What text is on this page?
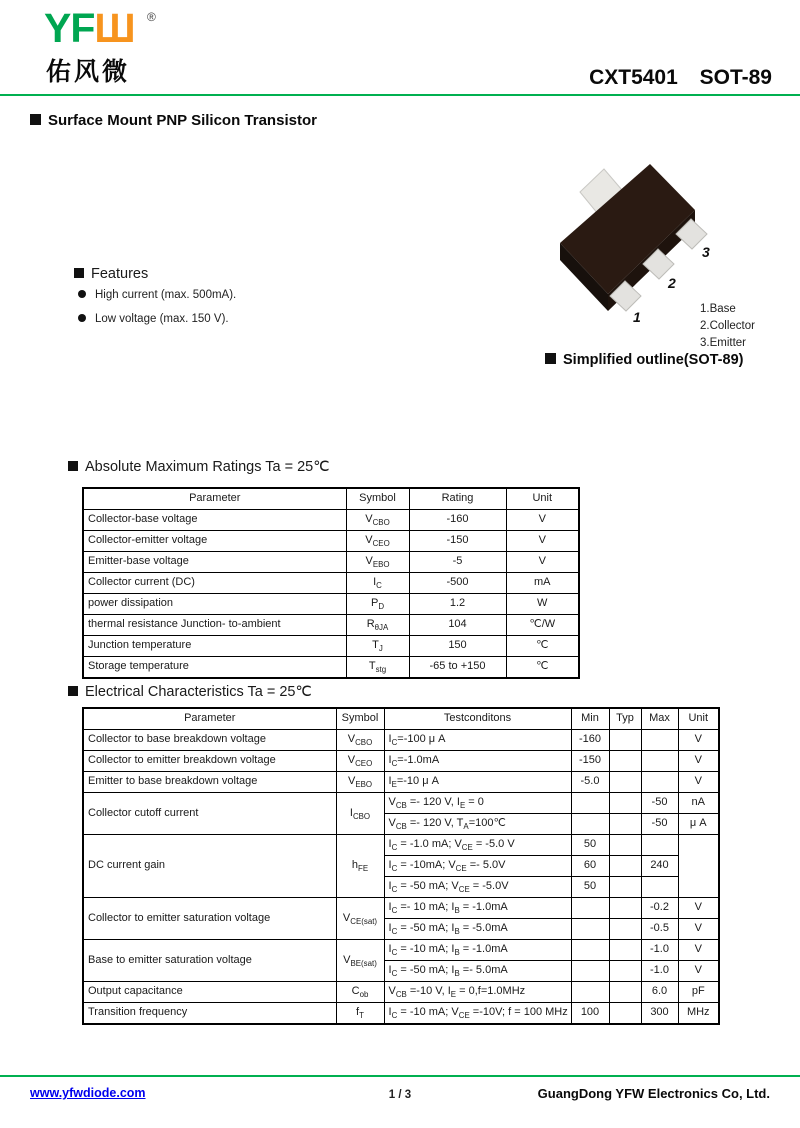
YFШ ®
佑风微	CXT5401 SOT-89
Surface Mount PNP Silicon Transistor
Features
High current (max. 500mA).
Low voltage (max. 150 V).	1
2
3
1.Base
2.Collector
3.Emitter
Simplified outline(SOT-89)
Absolute Maximum Ratings Ta = 25℃
Parameter	Symbol	Rating	Unit
Collector-base voltage	$V_{CBO}$	-160	V
Collector-emitter voltage	$V_{CEO}$	-150	V
Emitter-base voltage	$V_{EBO}$	-5	V
Collector current (DC)	$I_C$	-500	mA
power dissipation	$P_D$	1.2	W
thermal resistance Junction- to-ambient	$R_{\theta JA}$	104	℃/W
Junction temperature	$T_J$	150	℃
Storage temperature	$T_{stg}$	-65 to +150	℃
Electrical Characteristics Ta = 25℃
Parameter	Symbol	Testconditons	Min	Typ	Max	Unit
Collector to base breakdown voltage	$V_{CBO}$	$I_C=-100$ μ A	-160			V
Collector to emitter breakdown voltage	$V_{CEO}$	$I_C=-1.0mA$	-150			V
Emitter to base breakdown voltage	$V_{EBO}$	$I_E=-10$ μ A	-5.0			V
Collector cutoff current	$I_{CBO}$	$V_{CB} =- 120$ V, $I_E = 0$			-50	nA
		$V_{CB} =- 120$ V, $T_A=100℃$			-50	μ A
DC current gain	$h_{FE}$	$I_C = -1.0$ mA; $V_{CE} = -5.0$ V	50			
		$I_C = -10mA$; $V_{CE} =- 5.0V$	60		240	
		$I_C = -50$ mA; $V_{CE} = -5.0V$	50			
Collector to emitter saturation voltage	$V_{CE(sat)}$	$I_C =- 10$ mA; $I_B = -1.0mA$			-0.2	V
		$I_C = -50$ mA; $I_B = -5.0mA$			-0.5	V
Base to emitter saturation voltage	$V_{BE(sat)}$	$I_C = -10$ mA; $I_B = -1.0mA$			-1.0	V
		$I_C = -50$ mA; $I_B =- 5.0mA$			-1.0	V
Output capacitance	$C_{ob}$	$V_{CB} =-10$ V, $I_E = 0,f=1.0MHz$			6.0	pF
Transition frequency	$f_T$	$I_C = -10$ mA; $V_{CE} =-10V$; f = 100 MHz	100		300	MHz
www.yfwdiode.com	1 / 3	GuangDong YFW Electronics Co, Ltd.
